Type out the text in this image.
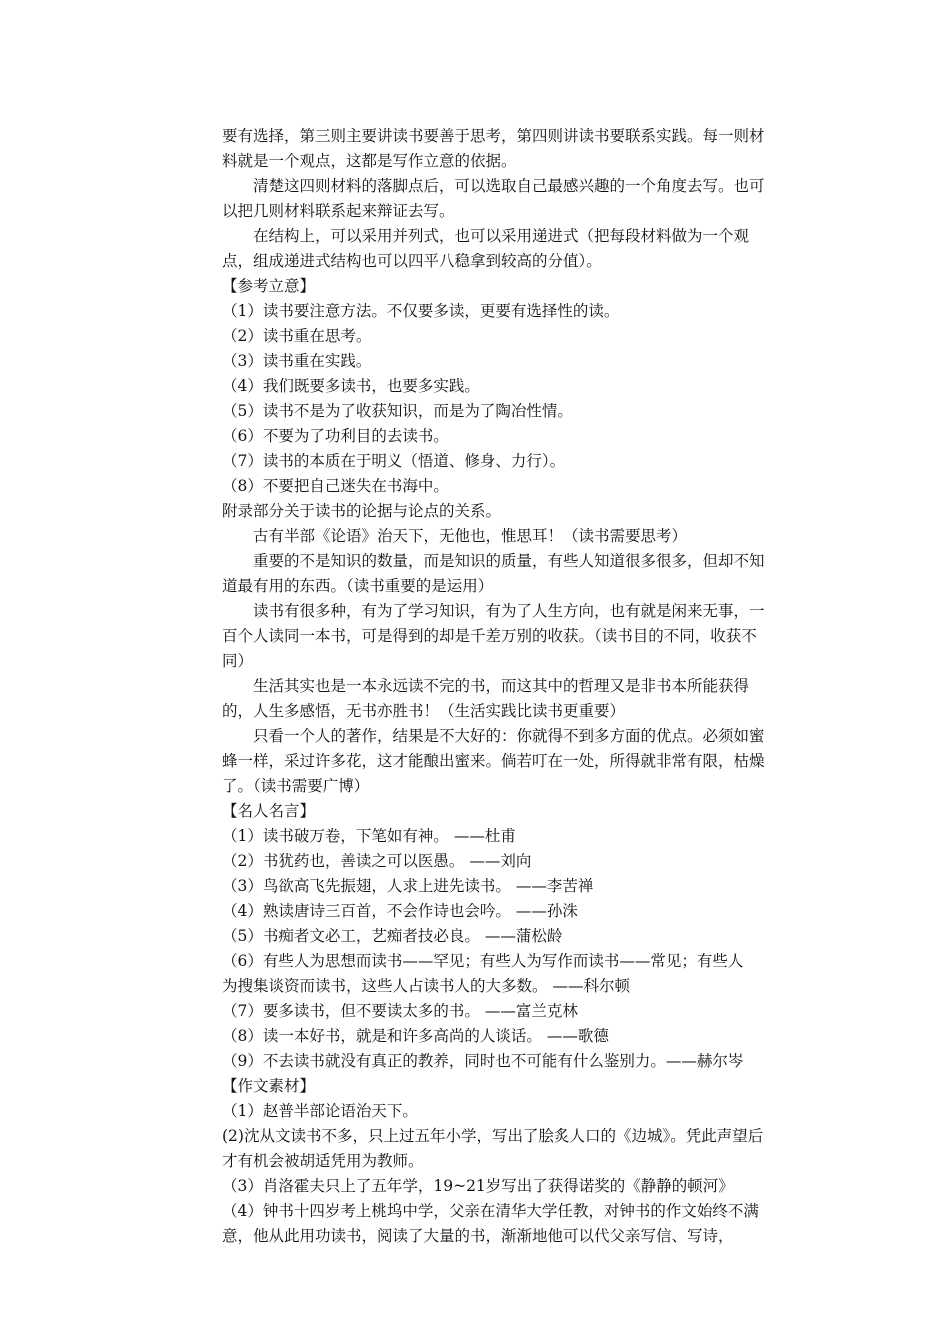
要有选择，第三则主要讲读书要善于思考，第四则讲读书要联系实践。每一则材料就是一个观点，这都是写作立意的依据。

清楚这四则材料的落脚点后，可以选取自己最感兴趣的一个角度去写。也可以把几则材料联系起来辩证去写。

在结构上，可以采用并列式，也可以采用递进式（把每段材料做为一个观点，组成递进式结构也可以四平八稳拿到较高的分值）。

【参考立意】

（1）读书要注意方法。不仅要多读，更要有选择性的读。

（2）读书重在思考。

（3）读书重在实践。

（4）我们既要多读书，也要多实践。

（5）读书不是为了收获知识，而是为了陶冶性情。

（6）不要为了功利目的去读书。

（7）读书的本质在于明义（悟道、修身、力行）。

（8）不要把自己迷失在书海中。

附录部分关于读书的论据与论点的关系。

古有半部《论语》治天下，无他也，惟思耳！（读书需要思考）

重要的不是知识的数量，而是知识的质量，有些人知道很多很多，但却不知道最有用的东西。（读书重要的是运用）

读书有很多种，有为了学习知识，有为了人生方向，也有就是闲来无事，一百个人读同一本书，可是得到的却是千差万别的收获。（读书目的不同，收获不同）

生活其实也是一本永远读不完的书，而这其中的哲理又是非书本所能获得的，人生多感悟，无书亦胜书！（生活实践比读书更重要）

只看一个人的著作，结果是不大好的：你就得不到多方面的优点。必须如蜜蜂一样，采过许多花，这才能酿出蜜来。倘若叮在一处，所得就非常有限，枯燥了。（读书需要广博）

【名人名言】

（1）读书破万卷，下笔如有神。 ——杜甫
（2）书犹药也，善读之可以医愚。 ——刘向
（3）鸟欲高飞先振翅，人求上进先读书。 ——李苦禅
（4）熟读唐诗三百首，不会作诗也会吟。 ——孙洙
（5）书痴者文必工，艺痴者技必良。 ——蒲松龄

（6）有些人为思想而读书——罕见；有些人为写作而读书——常见；有些人

为搜集谈资而读书，这些人占读书人的大多数。 ——科尔顿
（7）要多读书，但不要读太多的书。 ——富兰克林
（8）读一本好书，就是和许多高尚的人谈话。 ——歌德

（9）不去读书就没有真正的教养，同时也不可能有什么鉴别力。——赫尔岑

【作文素材】

（1）赵普半部论语治天下。

(2)沈从文读书不多，只上过五年小学，写出了脍炙人口的《边城》。凭此声望后才有机会被胡适凭用为教师。

（3）肖洛霍夫只上了五年学，19~21岁写出了获得诺奖的《静静的顿河》

（4）钟书十四岁考上桃坞中学，父亲在清华大学任教，对钟书的作文始终不满意，他从此用功读书，阅读了大量的书，渐渐地他可以代父亲写信、写诗，
